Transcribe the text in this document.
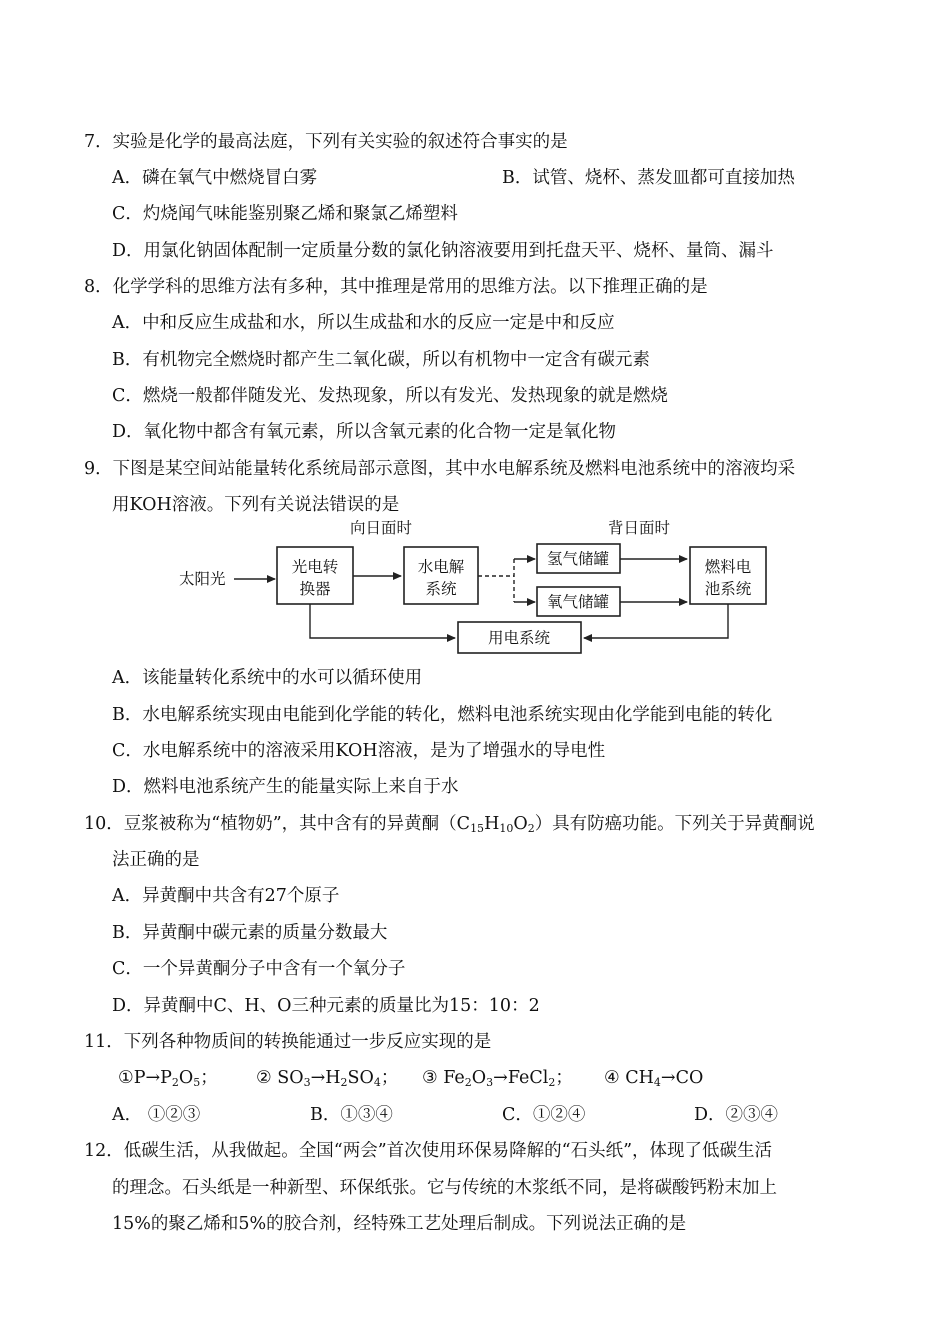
7．实验是化学的最高法庭，下列有关实验的叙述符合事实的是
A．磷在氧气中燃烧冒白雾	B．试管、烧杯、蒸发皿都可直接加热
C．灼烧闻气味能鉴别聚乙烯和聚氯乙烯塑料
D．用氯化钠固体配制一定质量分数的氯化钠溶液要用到托盘天平、烧杯、量筒、漏斗
8．化学学科的思维方法有多种，其中推理是常用的思维方法。以下推理正确的是
A．中和反应生成盐和水，所以生成盐和水的反应一定是中和反应
B．有机物完全燃烧时都产生二氧化碳，所以有机物中一定含有碳元素
C．燃烧一般都伴随发光、发热现象，所以有发光、发热现象的就是燃烧
D．氧化物中都含有氧元素，所以含氧元素的化合物一定是氧化物
9．下图是某空间站能量转化系统局部示意图，其中水电解系统及燃料电池系统中的溶液均采
用KOH溶液。下列有关说法错误的是
向日面时	背日面时
太阳光
光电转
换器
水电解
系统
氢气储罐
氧气储罐
燃料电
池系统
用电系统
A．该能量转化系统中的水可以循环使用
B．水电解系统实现由电能到化学能的转化，燃料电池系统实现由化学能到电能的转化
C．水电解系统中的溶液采用KOH溶液，是为了增强水的导电性
D．燃料电池系统产生的能量实际上来自于水
10．豆浆被称为“植物奶”，其中含有的异黄酮$(C_{15}H_{10}O_2)$具有防癌功能。下列关于异黄酮说
法正确的是
A．异黄酮中共含有27个原子
B．异黄酮中碳元素的质量分数最大
C．一个异黄酮分子中含有一个氧分子
D．异黄酮中C、H、O三种元素的质量比为15：10：2
11．下列各种物质间的转换能通过一步反应实现的是
$①P\to P_2O_5$； ② $SO_3\to H_2SO_4$； ③ $Fe_2O_3\to FeCl_2$； ④ $CH_4\to CO$
A． ①②③	B．①③④	C．①②④	D．②③④
12．低碳生活，从我做起。全国“两会”首次使用环保易降解的“石头纸”，体现了低碳生活
的理念。石头纸是一种新型、环保纸张。它与传统的木浆纸不同，是将碳酸钙粉末加上
15%的聚乙烯和5%的胶合剂，经特殊工艺处理后制成。下列说法正确的是
